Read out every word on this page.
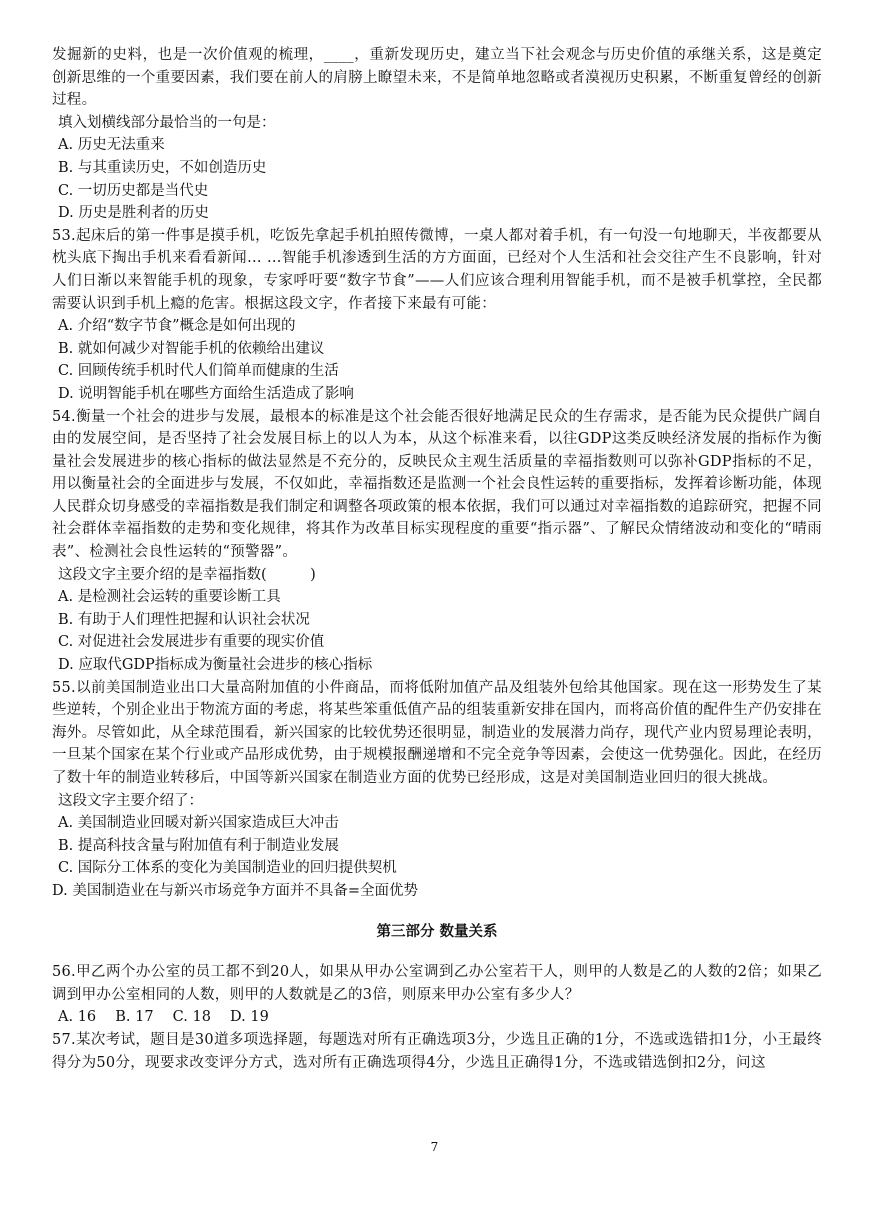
发掘新的史料，也是一次价值观的梳理，____，重新发现历史，建立当下社会观念与历史价值的承继关系，这是奠定创新思维的一个重要因素，我们要在前人的肩膀上瞭望未来，不是简单地忽略或者漠视历史积累，不断重复曾经的创新过程。

填入划横线部分最恰当的一句是：

A. 历史无法重来

B. 与其重读历史，不如创造历史

C. 一切历史都是当代史

D. 历史是胜利者的历史

53.起床后的第一件事是摸手机，吃饭先拿起手机拍照传微博，一桌人都对着手机，有一句没一句地聊天，半夜都要从枕头底下掏出手机来看看新闻... ...智能手机渗透到生活的方方面面，已经对个人生活和社会交往产生不良影响，针对人们日渐以来智能手机的现象，专家呼吁要“数字节食”——人们应该合理利用智能手机，而不是被手机掌控，全民都需要认识到手机上瘾的危害。根据这段文字，作者接下来最有可能：

A. 介绍“数字节食”概念是如何出现的

B. 就如何减少对智能手机的依赖给出建议

C. 回顾传统手机时代人们简单而健康的生活

D. 说明智能手机在哪些方面给生活造成了影响

54.衡量一个社会的进步与发展，最根本的标准是这个社会能否很好地满足民众的生存需求，是否能为民众提供广阔自由的发展空间，是否坚持了社会发展目标上的以人为本，从这个标准来看，以往GDP这类反映经济发展的指标作为衡量社会发展进步的核心指标的做法显然是不充分的，反映民众主观生活质量的幸福指数则可以弥补GDP指标的不足，用以衡量社会的全面进步与发展，不仅如此，幸福指数还是监测一个社会良性运转的重要指标，发挥着诊断功能，体现人民群众切身感受的幸福指数是我们制定和调整各项政策的根本依据，我们可以通过对幸福指数的追踪研究，把握不同社会群体幸福指数的走势和变化规律，将其作为改革目标实现程度的重要“指示器”、了解民众情绪波动和变化的“晴雨表”、检测社会良性运转的“预警器”。

这段文字主要介绍的是幸福指数(　　　)

A. 是检测社会运转的重要诊断工具

B. 有助于人们理性把握和认识社会状况

C. 对促进社会发展进步有重要的现实价值

D. 应取代GDP指标成为衡量社会进步的核心指标

55.以前美国制造业出口大量高附加值的小件商品，而将低附加值产品及组装外包给其他国家。现在这一形势发生了某些逆转，个别企业出于物流方面的考虑，将某些笨重低值产品的组装重新安排在国内，而将高价值的配件生产仍安排在海外。尽管如此，从全球范围看，新兴国家的比较优势还很明显，制造业的发展潜力尚存，现代产业内贸易理论表明，一旦某个国家在某个行业或产品形成优势，由于规模报酬递增和不完全竞争等因素，会使这一优势强化。因此，在经历了数十年的制造业转移后，中国等新兴国家在制造业方面的优势已经形成，这是对美国制造业回归的很大挑战。

这段文字主要介绍了：

A. 美国制造业回暖对新兴国家造成巨大冲击

B. 提高科技含量与附加值有利于制造业发展

C. 国际分工体系的变化为美国制造业的回归提供契机

D. 美国制造业在与新兴市场竞争方面并不具备=全面优势

第三部分 数量关系

56.甲乙两个办公室的员工都不到20人，如果从甲办公室调到乙办公室若干人，则甲的人数是乙的人数的2倍；如果乙调到甲办公室相同的人数，则甲的人数就是乙的3倍，则原来甲办公室有多少人？

A. 16　 B. 17　 C. 18　 D. 19

57.某次考试，题目是30道多项选择题，每题选对所有正确选项3分，少选且正确的1分，不选或选错扣1分，小王最终得分为50分，现要求改变评分方式，选对所有正确选项得4分，少选且正确得1分，不选或错选倒扣2分，问这

7
